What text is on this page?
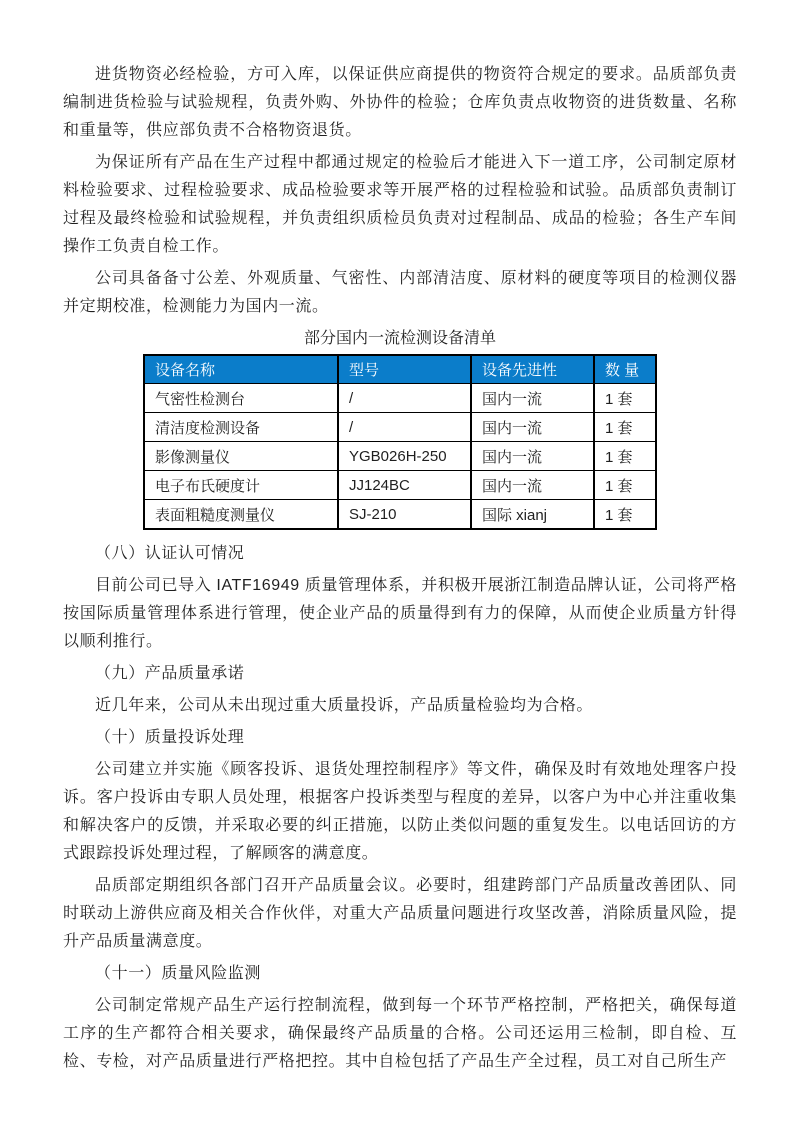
进货物资必经检验，方可入库，以保证供应商提供的物资符合规定的要求。品质部负责编制进货检验与试验规程，负责外购、外协件的检验；仓库负责点收物资的进货数量、名称和重量等，供应部负责不合格物资退货。

为保证所有产品在生产过程中都通过规定的检验后才能进入下一道工序，公司制定原材料检验要求、过程检验要求、成品检验要求等开展严格的过程检验和试验。品质部负责制订过程及最终检验和试验规程，并负责组织质检员负责对过程制品、成品的检验；各生产车间操作工负责自检工作。

公司具备备寸公差、外观质量、气密性、内部清洁度、原材料的硬度等项目的检测仪器并定期校准，检测能力为国内一流。

部分国内一流检测设备清单

设备名称	型号	设备先进性	数 量
气密性检测台	/	国内一流	1 套
清洁度检测设备	/	国内一流	1 套
影像测量仪	YGB026H-250	国内一流	1 套
电子布氏硬度计	JJ124BC	国内一流	1 套
表面粗糙度测量仪	SJ-210	国际 xianj	1 套

（八）认证认可情况

目前公司已导入 IATF16949 质量管理体系，并积极开展浙江制造品牌认证，公司将严格按国际质量管理体系进行管理，使企业产品的质量得到有力的保障，从而使企业质量方针得以顺利推行。

（九）产品质量承诺

近几年来，公司从未出现过重大质量投诉，产品质量检验均为合格。

（十）质量投诉处理

公司建立并实施《顾客投诉、退货处理控制程序》等文件，确保及时有效地处理客户投诉。客户投诉由专职人员处理，根据客户投诉类型与程度的差异，以客户为中心并注重收集和解决客户的反馈，并采取必要的纠正措施，以防止类似问题的重复发生。以电话回访的方式跟踪投诉处理过程，了解顾客的满意度。

品质部定期组织各部门召开产品质量会议。必要时，组建跨部门产品质量改善团队、同时联动上游供应商及相关合作伙伴，对重大产品质量问题进行攻坚改善，消除质量风险，提升产品质量满意度。

（十一）质量风险监测

公司制定常规产品生产运行控制流程，做到每一个环节严格控制，严格把关，确保每道工序的生产都符合相关要求，确保最终产品质量的合格。公司还运用三检制，即自检、互检、专检，对产品质量进行严格把控。其中自检包括了产品生产全过程，员工对自己所生产
